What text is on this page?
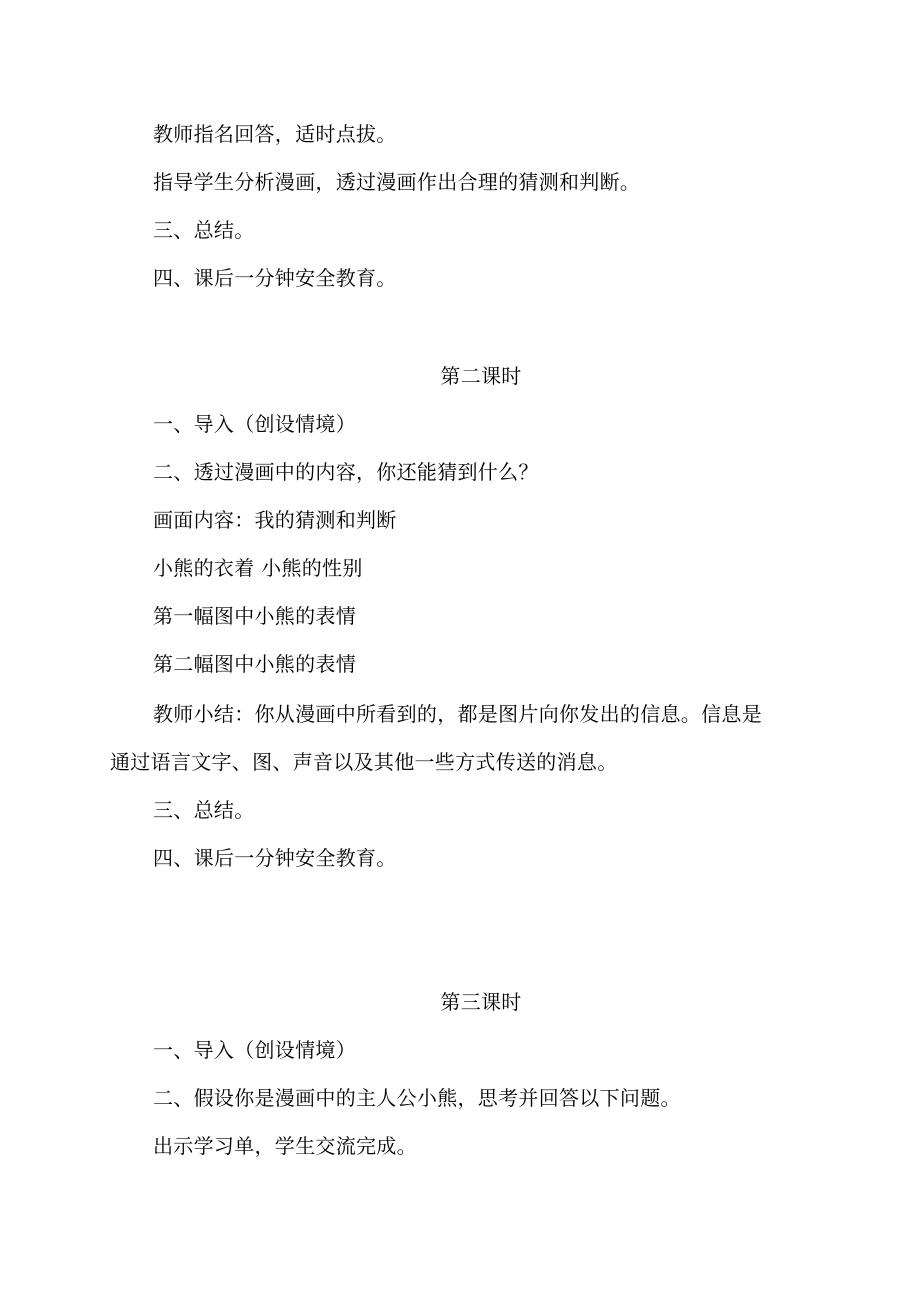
教师指名回答，适时点拔。
指导学生分析漫画，透过漫画作出合理的猜测和判断。
三、总结。
四、课后一分钟安全教育。
第二课时
一、导入（创设情境）
二、透过漫画中的内容，你还能猜到什么？
画面内容：我的猜测和判断
小熊的衣着 小熊的性别
第一幅图中小熊的表情
第二幅图中小熊的表情
教师小结：你从漫画中所看到的，都是图片向你发出的信息。信息是
通过语言文字、图、声音以及其他一些方式传送的消息。
三、总结。
四、课后一分钟安全教育。
第三课时
一、导入（创设情境）
二、假设你是漫画中的主人公小熊，思考并回答以下问题。
出示学习单，学生交流完成。
